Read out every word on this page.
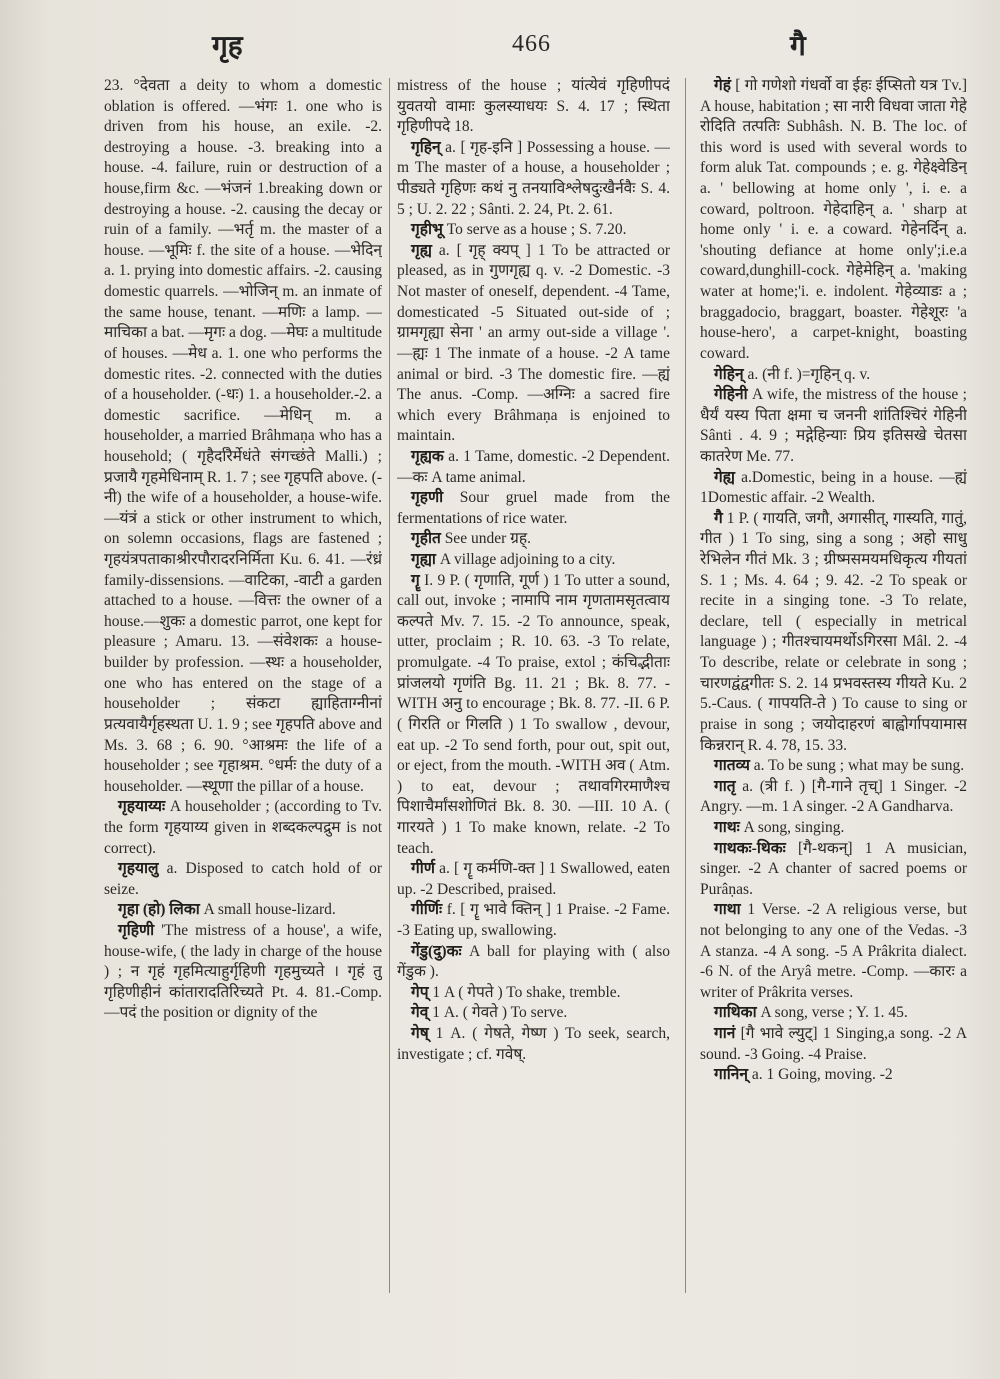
गृह	466	गै

23. °देवता a deity to whom a domestic oblation is offered. —भंगः 1. one who is driven from his house, an exile. -2. destroying a house. -3. breaking into a house. -4. failure, ruin or destruction of a house,firm &c. —भंजनं 1.breaking down or destroying a house. -2. causing the decay or ruin of a family. —भर्तृ m. the master of a house. —भूमिः f. the site of a house. —भेदिन् a. 1. prying into domestic affairs. -2. causing domestic quarrels. —भोजिन् m. an inmate of the same house, tenant. —मणिः a lamp. —माचिका a bat. —मृगः a dog. —मेघः a multitude of houses. —मेध a. 1. one who performs the domestic rites. -2. connected with the duties of a householder. (-धः) 1. a householder.-2. a domestic sacrifice. —मेधिन् m. a householder, a married Brâhmaṇa who has a household; ( गृहैर्दारैर्मेधंते संगच्छंते Malli.) ; प्रजायै गृहमेधिनाम् R. 1. 7 ; see गृहपति above. (-नी) the wife of a householder, a house-wife. —यंत्रं a stick or other instrument to which, on solemn occasions, flags are fastened ; गृहयंत्रपताकाश्रीरपौरादरनिर्मिता Ku. 6. 41. —रंध्रं family-dissensions. —वाटिका, -वाटी a garden attached to a house. —वित्तः the owner of a house.—शुकः a domestic parrot, one kept for pleasure ; Amaru. 13. —संवेशकः a house-builder by profession. —स्थः a householder, one who has entered on the stage of a householder ; संकटा ह्याहिताग्नीनां प्रत्यवायैर्गृहस्थता U. 1. 9 ; see गृहपति above and Ms. 3. 68 ; 6. 90. °आश्रमः the life of a householder ; see गृहाश्रम. °धर्मः the duty of a householder. —स्थूणा the pillar of a house.

गृहयाय्यः A householder ; (according to Tv. the form गृहयाय्य given in शब्दकल्पद्रुम is not correct).

गृहयालु a. Disposed to catch hold of or seize.

गृहा (हो) लिका A small house-lizard.

गृहिणी 'The mistress of a house', a wife, house-wife, ( the lady in charge of the house ) ; न गृहं गृहमित्याहुर्गृहिणी गृहमुच्यते । गृहं तु गृहिणीहीनं कांतारादतिरिच्यते Pt. 4. 81.-Comp. —पदं the position or dignity of the

mistress of the house ; यांत्येवं गृहिणीपदं युवतयो वामाः कुलस्याधयः S. 4. 17 ; स्थिता गृहिणीपदे 18.

गृहिन् a. [ गृह-इनि ] Possessing a house. —m The master of a house, a householder ; पीड्यते गृहिणः कथं नु तनयाविश्लेषदुःखैर्नवैः S. 4. 5 ; U. 2. 22 ; Sânti. 2. 24, Pt. 2. 61.

गृहीभू To serve as a house ; S. 7.20.

गृह्य a. [ गृह् क्यप् ] 1 To be attracted or pleased, as in गुणगृह्य q. v. -2 Domestic. -3 Not master of oneself, dependent. -4 Tame, domesticated -5 Situated out-side of ; ग्रामगृह्या सेना ' an army out-side a village '. —ह्यः 1 The inmate of a house. -2 A tame animal or bird. -3 The domestic fire. —ह्यं The anus. -Comp. —अग्निः a sacred fire which every Brâhmaṇa is enjoined to maintain.

गृह्यक a. 1 Tame, domestic. -2 Dependent. —कः A tame animal.

गृहणी Sour gruel made from the fermentations of rice water.

गृहीत See under ग्रह्.

गृह्या A village adjoining to a city.

गॄ I. 9 P. ( गृणाति, गूर्ण ) 1 To utter a sound, call out, invoke ; नामापि नाम गृणतामसृतत्वाय कल्पते Mv. 7. 15. -2 To announce, speak, utter, proclaim ; R. 10. 63. -3 To relate, promulgate. -4 To praise, extol ; कंचिद्भीताः प्रांजलयो गृणंति Bg. 11. 21 ; Bk. 8. 77. -WITH अनु to encourage ; Bk. 8. 77. -II. 6 P. ( गिरति or गिलति ) 1 To swallow , devour, eat up. -2 To send forth, pour out, spit out, or eject, from the mouth. -WITH अव ( Atm. ) to eat, devour ; तथावगिरमाणैश्च पिशाचैर्मांसशोणितं Bk. 8. 30. —III. 10 A. ( गारयते ) 1 To make known, relate. -2 To teach.

गीर्ण a. [ गॄ कर्मणि-क्त ] 1 Swallowed, eaten up. -2 Described, praised.

गीर्णिः f. [ गॄ भावे क्तिन् ] 1 Praise. -2 Fame. -3 Eating up, swallowing.

गेंडु(दु)कः A ball for playing with ( also गेंडुक ).

गेप् 1 A ( गेपते ) To shake, tremble.

गेव् 1 A. ( गेवते ) To serve.

गेष् 1 A. ( गेषते, गेष्ण ) To seek, search, investigate ; cf. गवेष्.

गेहं [ गो गणेशो गंधर्वो वा ईहः ईप्सितो यत्र Tv.] A house, habitation ; सा नारी विधवा जाता गेहे रोदिति तत्पतिः Subhâsh. N. B. The loc. of this word is used with several words to form aluk Tat. compounds ; e. g. गेहेक्ष्वेडिन् a. ' bellowing at home only ', i. e. a coward, poltroon. गेहेदाहिन् a. ' sharp at home only ' i. e. a coward. गेहेनर्दिन् a. 'shouting defiance at home only';i.e.a coward,dunghill-cock. गेहेमेहिन् a. 'making water at home;'i. e. indolent. गेहेव्याडः a ; braggadocio, braggart, boaster. गेहेशूरः 'a house-hero', a carpet-knight, boasting coward.

गेहिन् a. (नी f. )=गृहिन् q. v.

गेहिनी A wife, the mistress of the house ; धैर्यं यस्य पिता क्षमा च जननी शांतिश्चिरं गेहिनी Sânti . 4. 9 ; मद्गेहिन्याः प्रिय इतिसखे चेतसा कातरेण Me. 77.

गेह्य a.Domestic, being in a house. —ह्यं 1Domestic affair. -2 Wealth.

गै 1 P. ( गायति, जगौ, अगासीत्, गास्यति, गातुं, गीत ) 1 To sing, sing a song ; अहो साधु रेभिलेन गीतं Mk. 3 ; ग्रीष्मसमयमधिकृत्य गीयतां S. 1 ; Ms. 4. 64 ; 9. 42. -2 To speak or recite in a singing tone. -3 To relate, declare, tell ( especially in metrical language ) ; गीतश्चायमर्थोऽगिरसा Mâl. 2. -4 To describe, relate or celebrate in song ; चारणद्वंद्वगीतः S. 2. 14 प्रभवस्तस्य गीयते Ku. 2 5.-Caus. ( गापयति-ते ) To cause to sing or praise in song ; जयोदाहरणं बाह्वोर्गापयामास किन्नरान् R. 4. 78, 15. 33.

गातव्य a. To be sung ; what may be sung.

गातृ a. (त्री f. ) [गै-गाने तृच्] 1 Singer. -2 Angry. —m. 1 A singer. -2 A Gandharva.

गाथः A song, singing.

गाथकः-थिकः [गै-थकन्] 1 A musician, singer. -2 A chanter of sacred poems or Purâṇas.

गाथा 1 Verse. -2 A religious verse, but not belonging to any one of the Vedas. -3 A stanza. -4 A song. -5 A Prâkrita dialect. -6 N. of the Aryâ metre. -Comp. —कारः a writer of Prâkrita verses.

गाथिका A song, verse ; Y. 1. 45.

गानं [गै भावे ल्युट्] 1 Singing,a song. -2 A sound. -3 Going. -4 Praise.

गानिन् a. 1 Going, moving. -2
